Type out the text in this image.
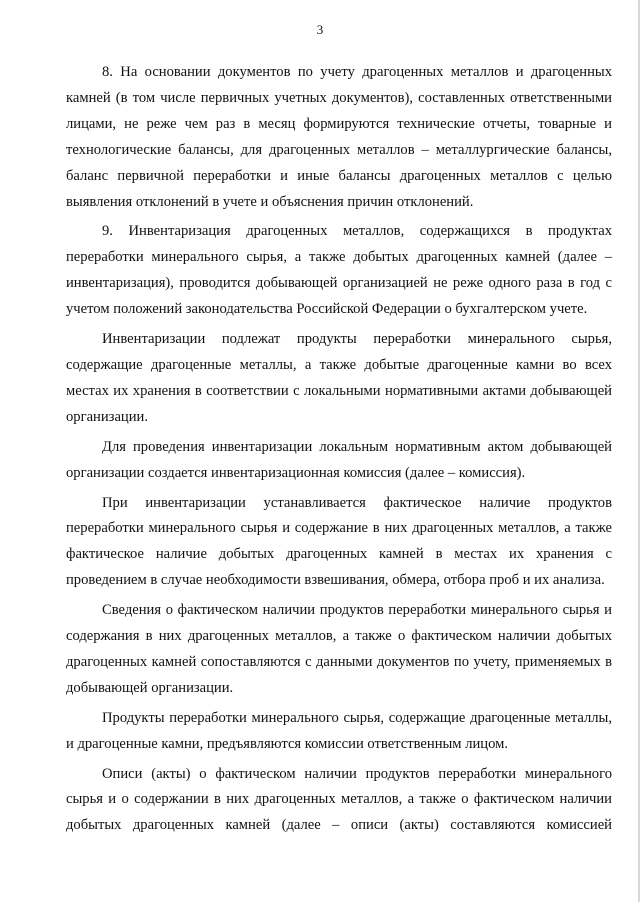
3

8. На основании документов по учету драгоценных металлов и драгоценных камней (в том числе первичных учетных документов), составленных ответственными лицами, не реже чем раз в месяц формируются технические отчеты, товарные и технологические балансы, для драгоценных металлов – металлургические балансы, баланс первичной переработки и иные балансы драгоценных металлов с целью выявления отклонений в учете и объяснения причин отклонений.

9. Инвентаризация драгоценных металлов, содержащихся в продуктах переработки минерального сырья, а также добытых драгоценных камней (далее – инвентаризация), проводится добывающей организацией не реже одного раза в год с учетом положений законодательства Российской Федерации о бухгалтерском учете.

Инвентаризации подлежат продукты переработки минерального сырья, содержащие драгоценные металлы, а также добытые драгоценные камни во всех местах их хранения в соответствии с локальными нормативными актами добывающей организации.

Для проведения инвентаризации локальным нормативным актом добывающей организации создается инвентаризационная комиссия (далее – комиссия).

При инвентаризации устанавливается фактическое наличие продуктов переработки минерального сырья и содержание в них драгоценных металлов, а также фактическое наличие добытых драгоценных камней в местах их хранения с проведением в случае необходимости взвешивания, обмера, отбора проб и их анализа.

Сведения о фактическом наличии продуктов переработки минерального сырья и содержания в них драгоценных металлов, а также о фактическом наличии добытых драгоценных камней сопоставляются с данными документов по учету, применяемых в добывающей организации.

Продукты переработки минерального сырья, содержащие драгоценные металлы, и драгоценные камни, предъявляются комиссии ответственным лицом.

Описи (акты) о фактическом наличии продуктов переработки минерального сырья и о содержании в них драгоценных металлов, а также о фактическом наличии добытых драгоценных камней (далее – описи (акты) составляются комиссией
